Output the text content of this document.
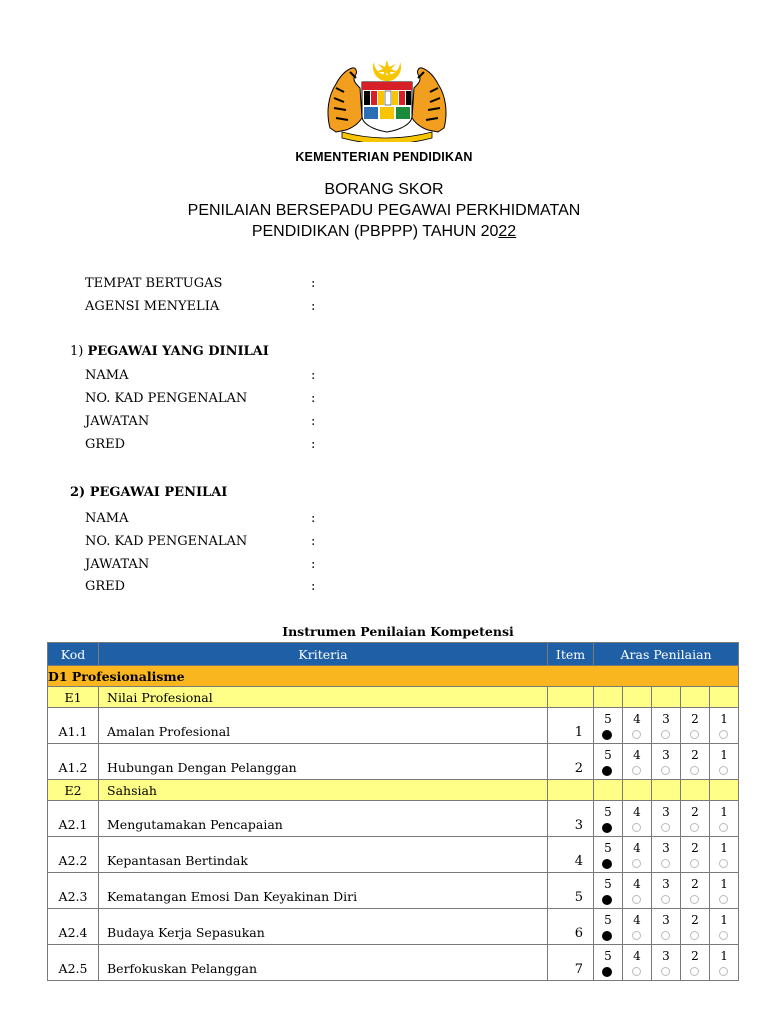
KEMENTERIAN PENDIDIKAN
BORANG SKOR
PENILAIAN BERSEPADU PEGAWAI PERKHIDMATAN
PENDIDIKAN (PBPPP) TAHUN 2022
TEMPAT BERTUGAS	:
AGENSI MENYELIA	:
1) PEGAWAI YANG DINILAI
NAMA	:
NO. KAD PENGENALAN	:
JAWATAN	:
GRED	:
2) PEGAWAI PENILAI
NAMA	:
NO. KAD PENGENALAN	:
JAWATAN	:
GRED	:
Instrumen Penilaian Kompetensi
Kod	Kriteria	Item	Aras Penilaian				
D1 Profesionalisme							
E1	Nilai Profesional						
A1.1	Amalan Profesional	1	5	4	3	2	1

A1.2	Hubungan Dengan Pelanggan	2	5	4	3	2	1

E2	Sahsiah						
A2.1	Mengutamakan Pencapaian	3	5	4	3	2	1

A2.2	Kepantasan Bertindak	4	5	4	3	2	1

A2.3	Kematangan Emosi Dan Keyakinan Diri	5	5	4	3	2	1

A2.4	Budaya Kerja Sepasukan	6	5	4	3	2	1

A2.5	Berfokuskan Pelanggan	7	5	4	3	2	1
